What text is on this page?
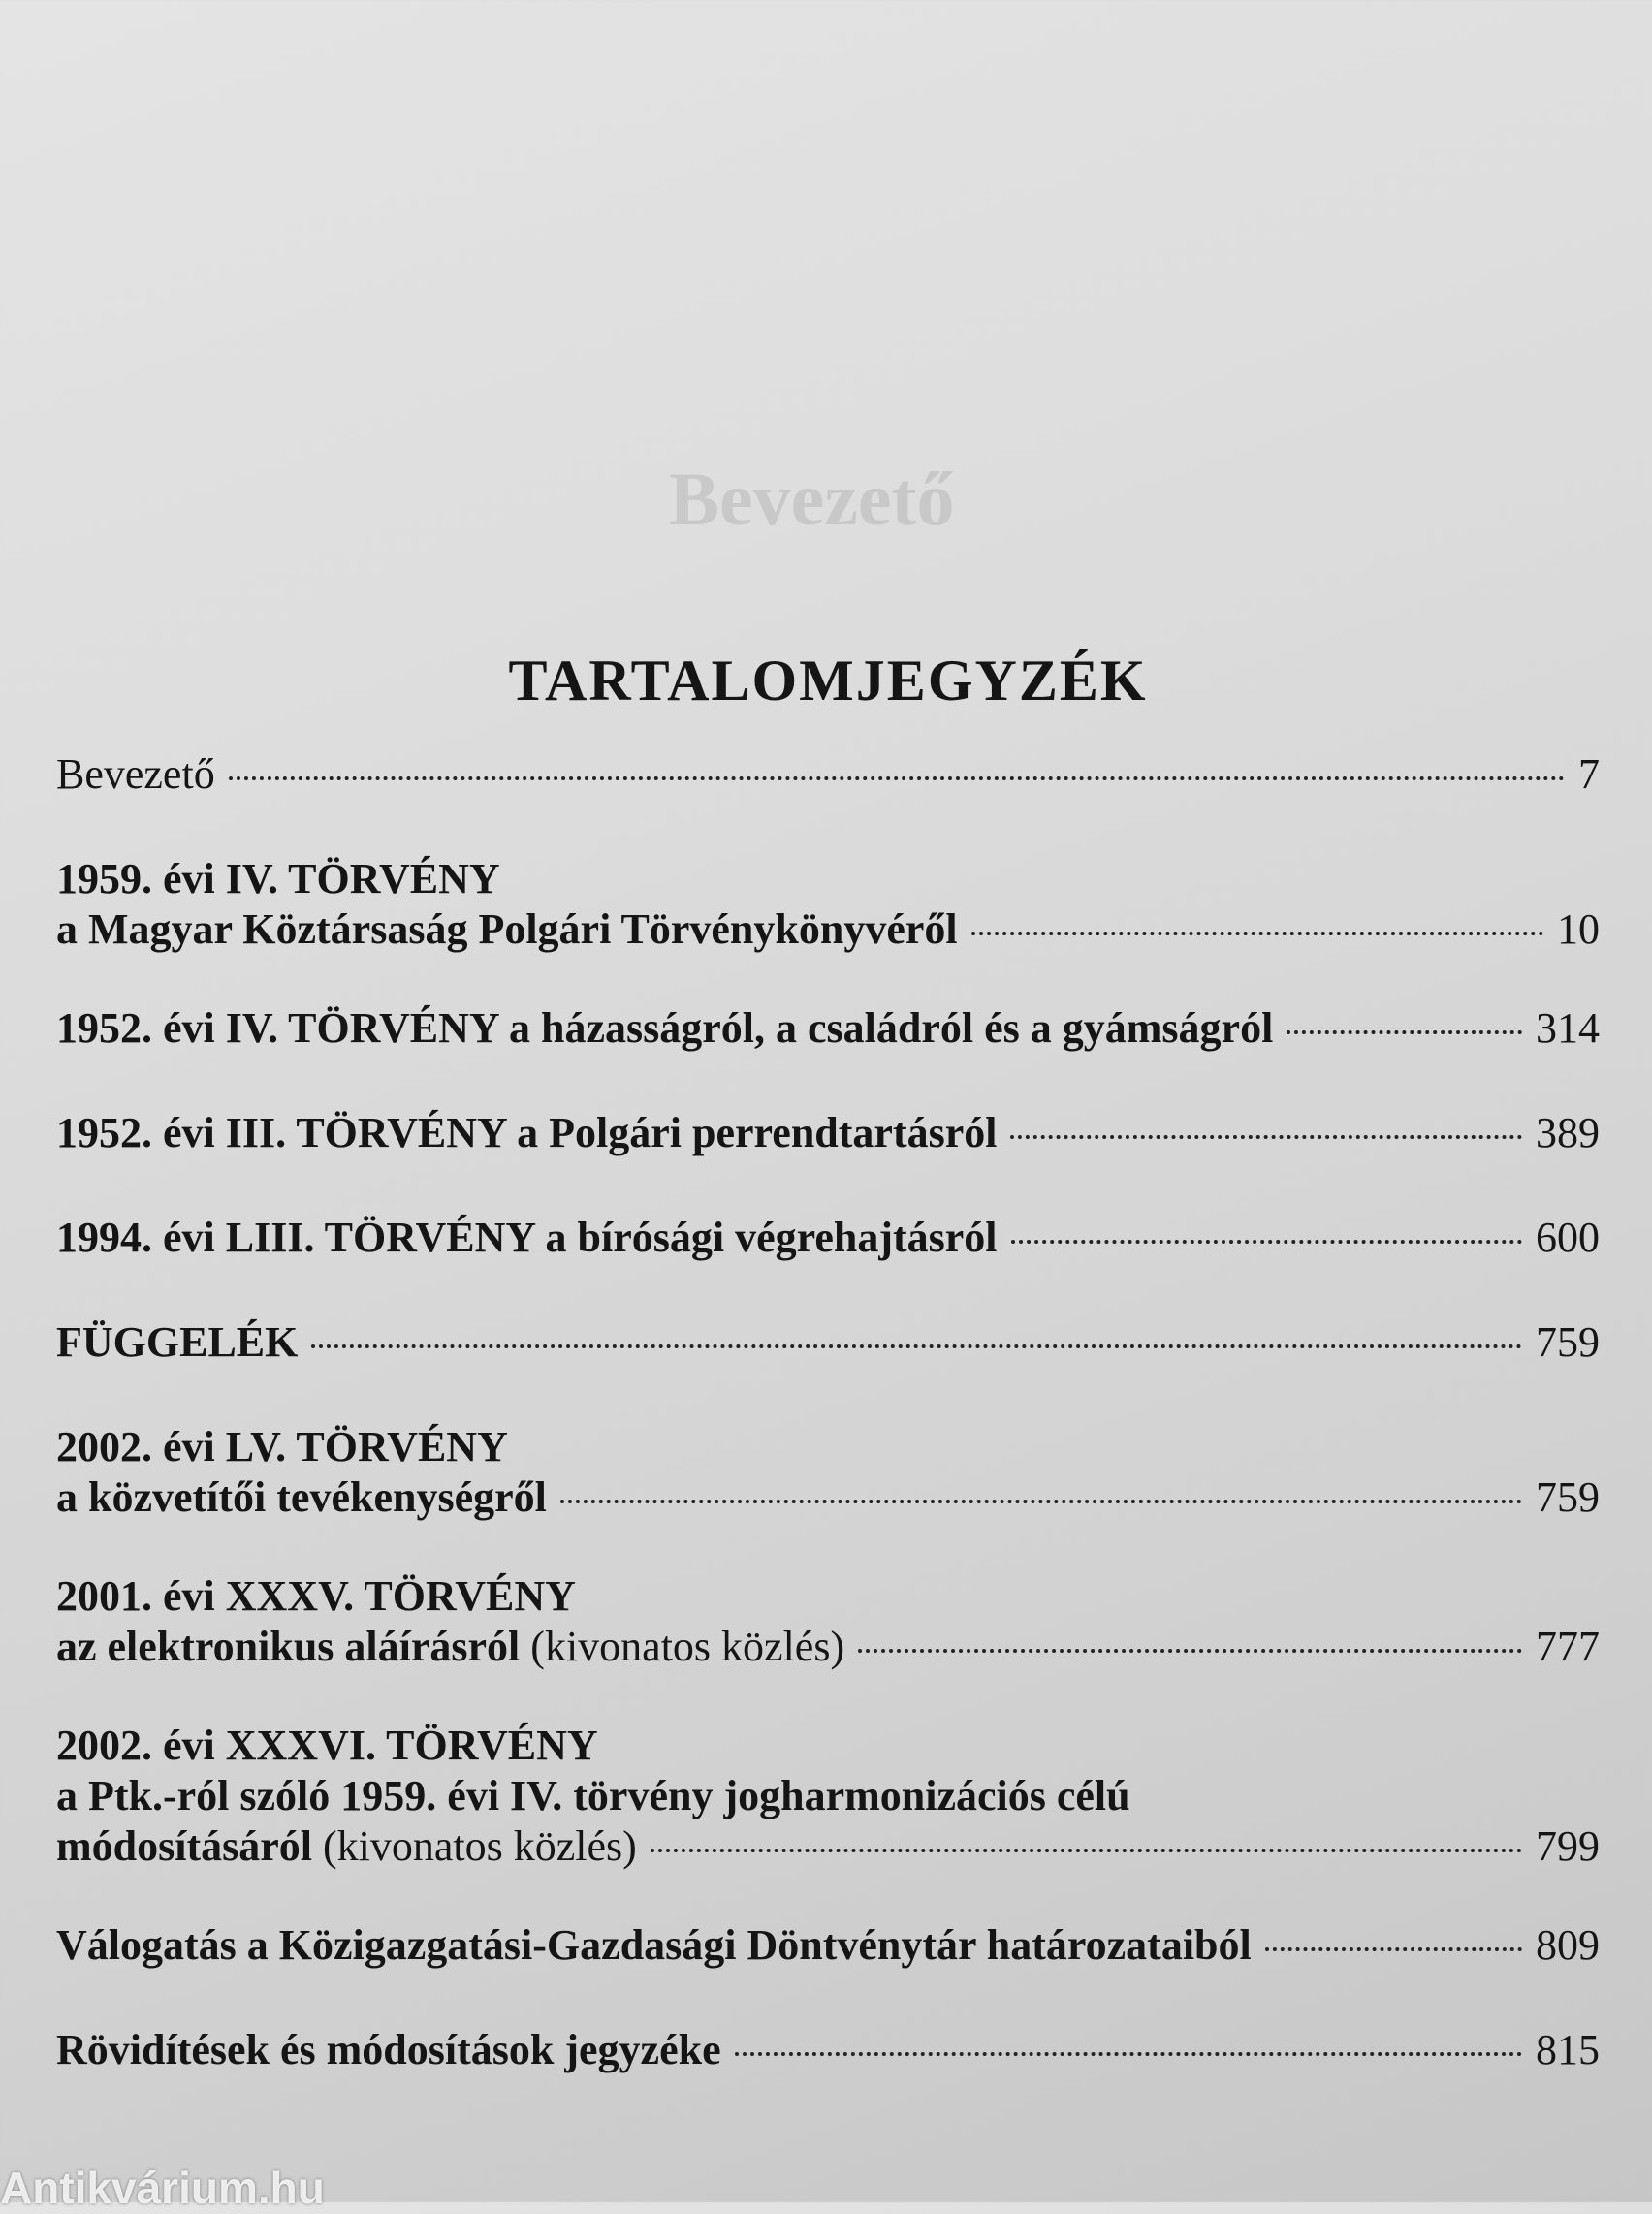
Bevezető
TARTALOMJEGYZÉK
Bevezető	7
1959. évi IV. TÖRVÉNY
a Magyar Köztársaság Polgári Törvénykönyvéről	10
1952. évi IV. TÖRVÉNY a házasságról, a családról és a gyámságról	314
1952. évi III. TÖRVÉNY a Polgári perrendtartásról	389
1994. évi LIII. TÖRVÉNY a bírósági végrehajtásról	600
FÜGGELÉK	759
2002. évi LV. TÖRVÉNY
a közvetítői tevékenységről	759
2001. évi XXXV. TÖRVÉNY
az elektronikus aláírásról (kivonatos közlés)	777
2002. évi XXXVI. TÖRVÉNY
a Ptk.-ról szóló 1959. évi IV. törvény jogharmonizációs célú
módosításáról (kivonatos közlés)	799
Válogatás a Közigazgatási-Gazdasági Döntvénytár határozataiból	809
Rövidítések és módosítások jegyzéke	815
Antikvárium.hu
